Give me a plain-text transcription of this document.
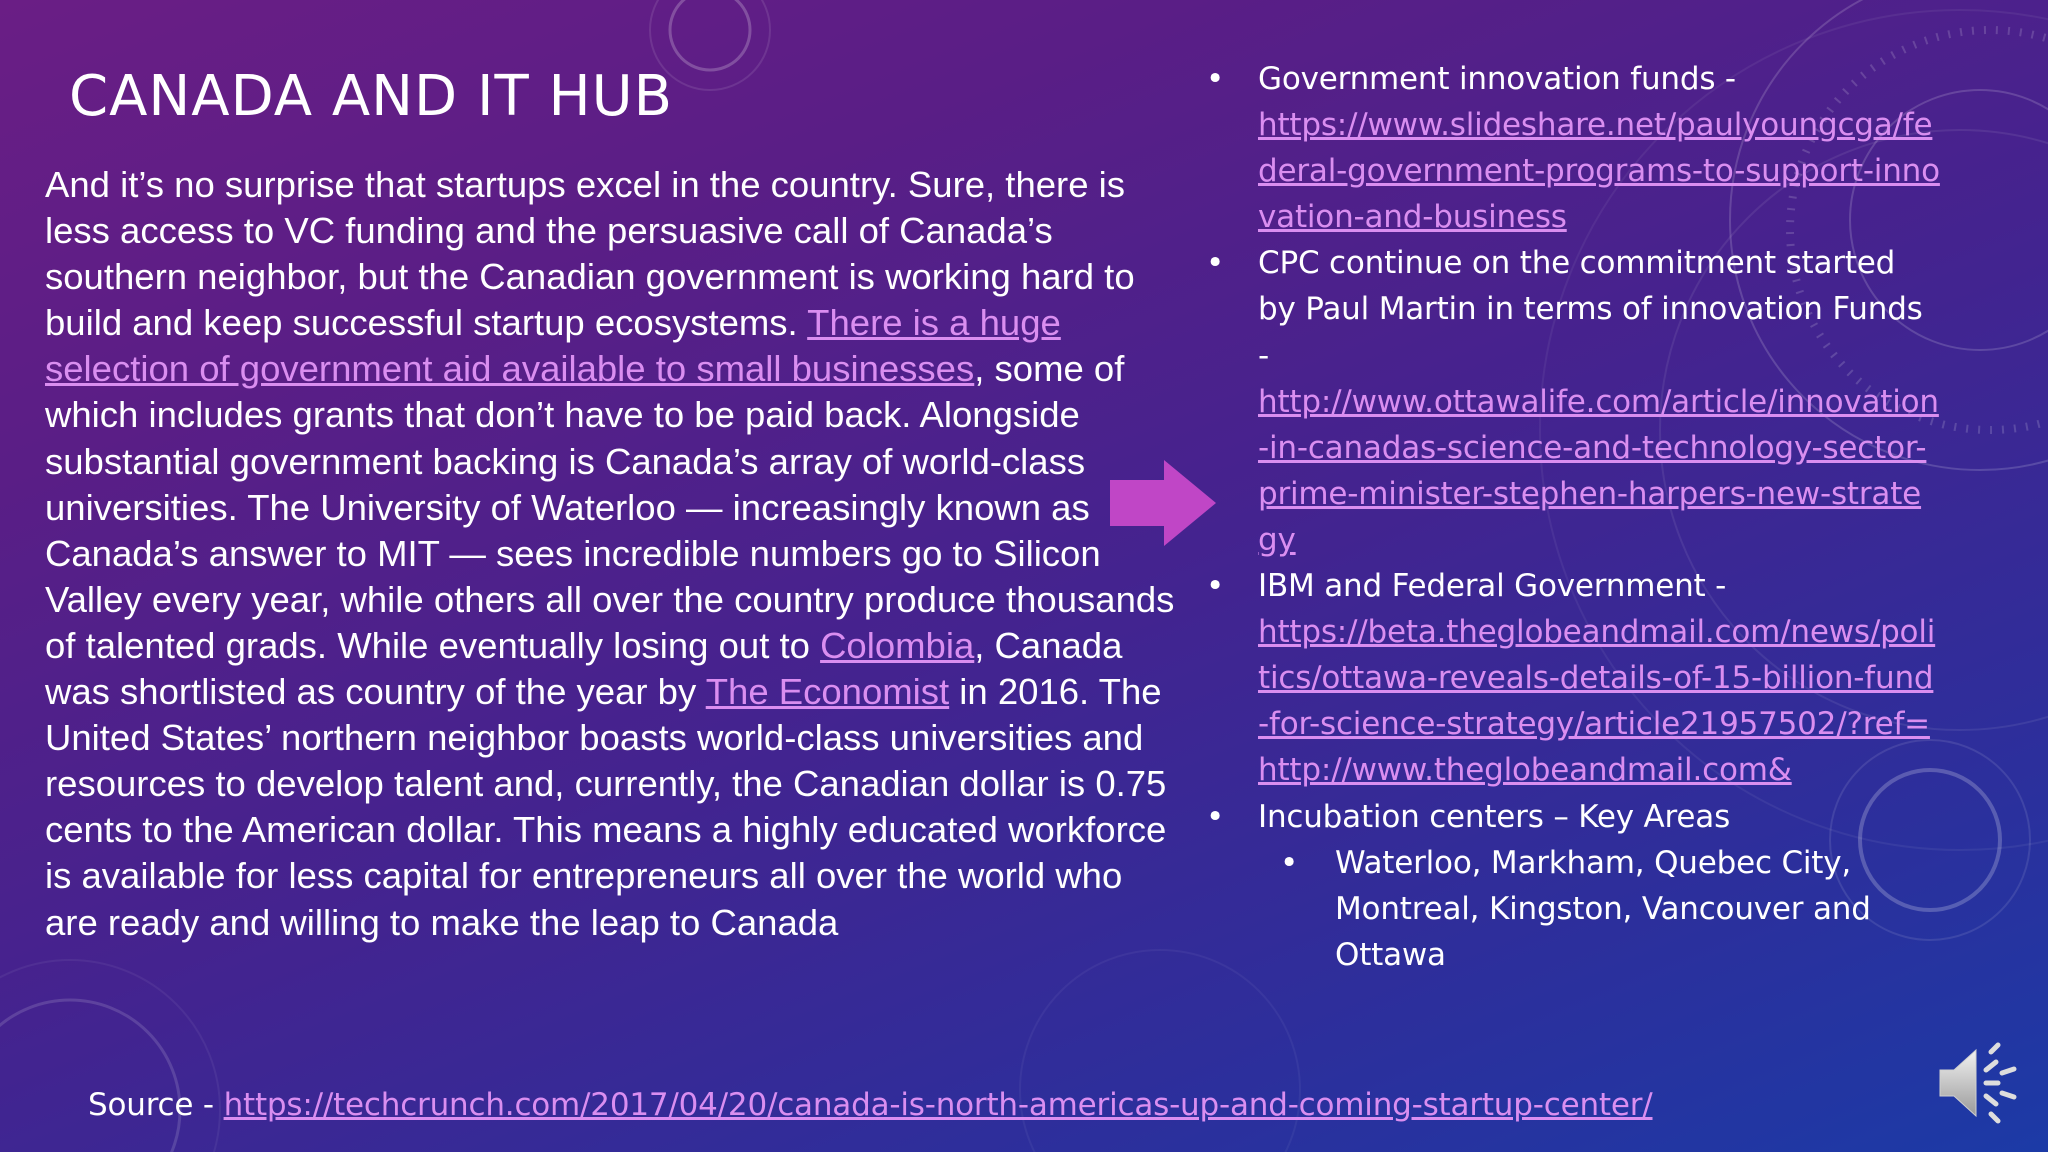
CANADA AND IT HUB
And it’s no surprise that startups excel in the country. Sure, there is less access to VC funding and the persuasive call of Canada’s southern neighbor, but the Canadian government is working hard to build and keep successful startup ecosystems. There is a huge selection of government aid available to small businesses, some of which includes grants that don’t have to be paid back. Alongside substantial government backing is Canada’s array of world-class universities. The University of Waterloo — increasingly known as Canada’s answer to MIT — sees incredible numbers go to Silicon Valley every year, while others all over the country produce thousands of talented grads. While eventually losing out to Colombia, Canada was shortlisted as country of the year by The Economist in 2016. The United States’ northern neighbor boasts world-class universities and resources to develop talent and, currently, the Canadian dollar is 0.75 cents to the American dollar. This means a highly educated workforce is available for less capital for entrepreneurs all over the world who are ready and willing to make the leap to Canada
• Government innovation funds -
https://www.slideshare.net/paulyoungcga/federal-government-programs-to-support-innovation-and-business
• CPC continue on the commitment started by Paul Martin in terms of innovation Funds -
http://www.ottawalife.com/article/innovation-in-canadas-science-and-technology-sector-prime-minister-stephen-harpers-new-strategy
• IBM and Federal Government -
https://beta.theglobeandmail.com/news/politics/ottawa-reveals-details-of-15-billion-fund-for-science-strategy/article21957502/?ref=http://www.theglobeandmail.com&
• Incubation centers – Key Areas
• Waterloo, Markham, Quebec City, Montreal, Kingston, Vancouver and Ottawa
Source - https://techcrunch.com/2017/04/20/canada-is-north-americas-up-and-coming-startup-center/
